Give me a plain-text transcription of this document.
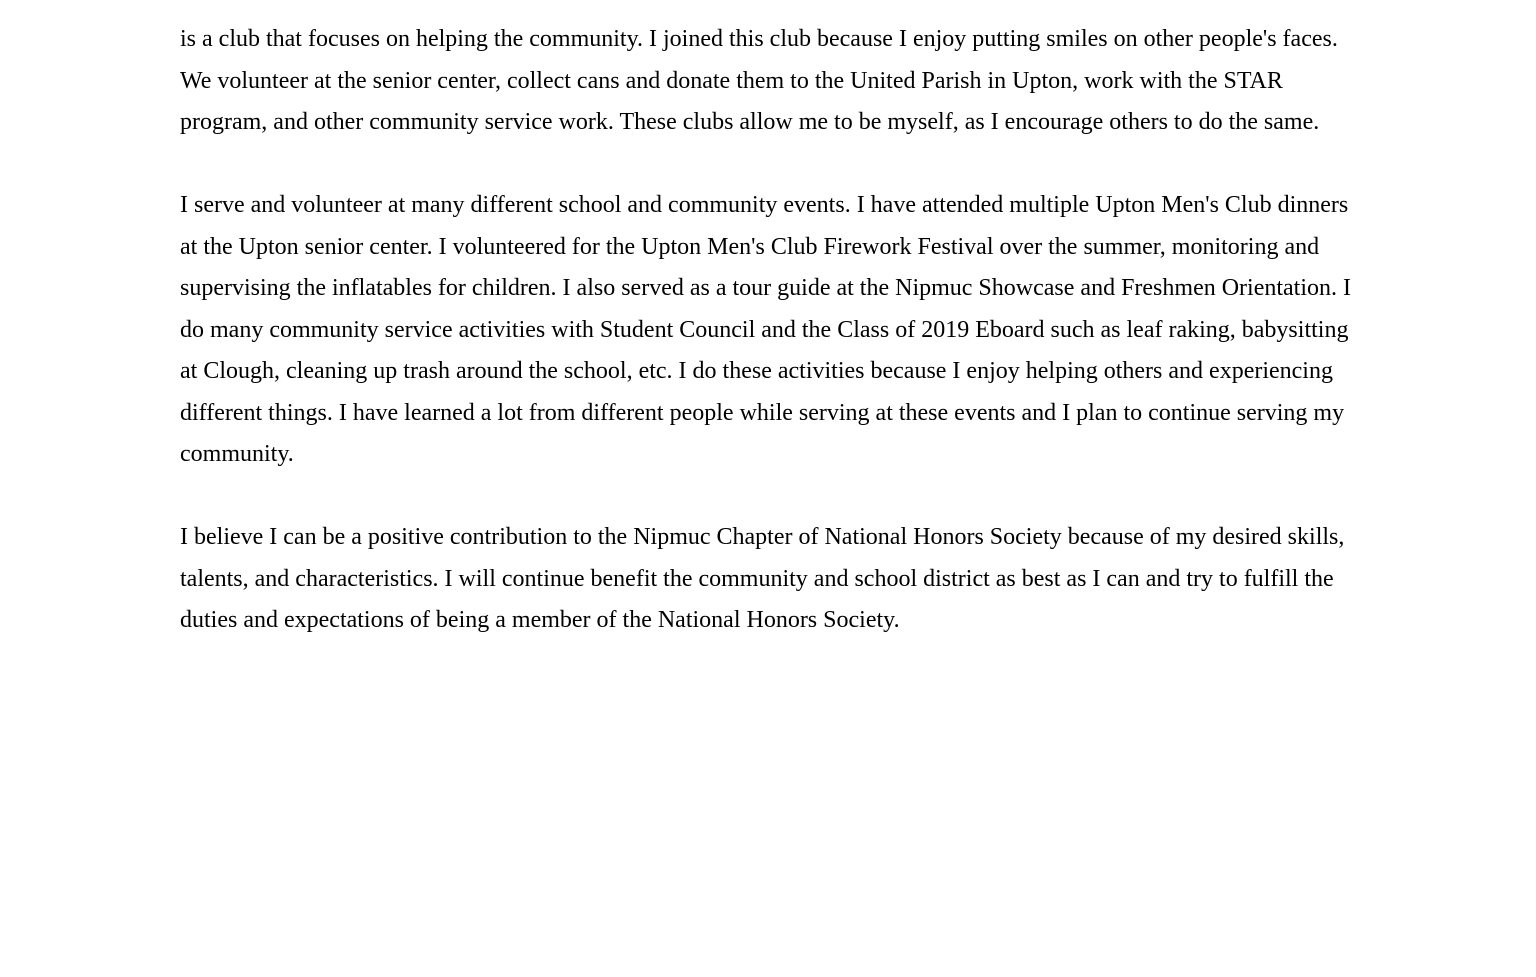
is a club that focuses on helping the community. I joined this club because I enjoy putting smiles on other people's faces. We volunteer at the senior center, collect cans and donate them to the United Parish in Upton, work with the STAR program, and other community service work. These clubs allow me to be myself, as I encourage others to do the same.

I serve and volunteer at many different school and community events. I have attended multiple Upton Men's Club dinners at the Upton senior center. I volunteered for the Upton Men's Club Firework Festival over the summer, monitoring and supervising the inflatables for children. I also served as a tour guide at the Nipmuc Showcase and Freshmen Orientation. I do many community service activities with Student Council and the Class of 2019 Eboard such as leaf raking, babysitting at Clough, cleaning up trash around the school, etc. I do these activities because I enjoy helping others and experiencing different things. I have learned a lot from different people while serving at these events and I plan to continue serving my community.

I believe I can be a positive contribution to the Nipmuc Chapter of National Honors Society because of my desired skills, talents, and characteristics. I will continue benefit the community and school district as best as I can and try to fulfill the duties and expectations of being a member of the National Honors Society.
